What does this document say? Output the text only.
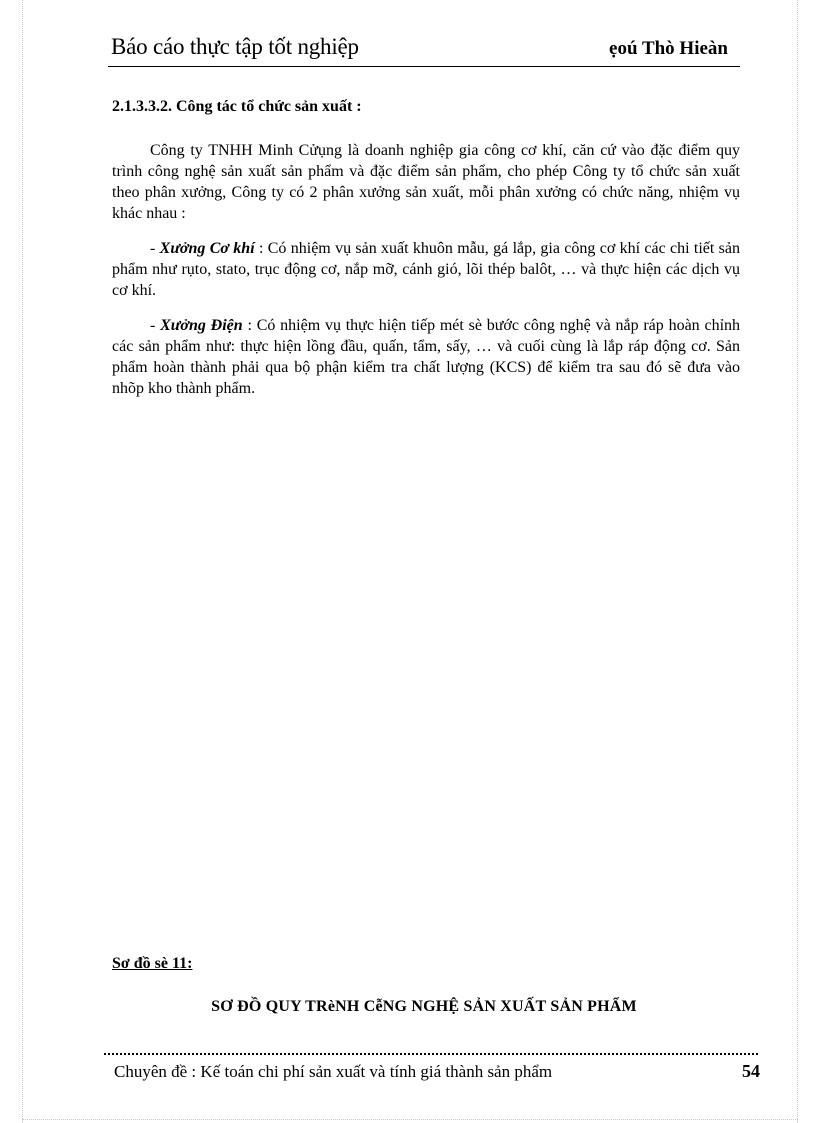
Báo cáo thực tập tốt nghiệp	ẹoú Thò Hieàn
2.1.3.3.2. Công tác tổ chức sản xuất :

Công ty TNHH Minh Cửụng là doanh nghiệp gia công cơ khí, căn cứ vào đặc điểm quy trình công nghệ sản xuất sản phẩm và đặc điểm sản phẩm, cho phép Công ty tổ chức sản xuất theo phân xưởng, Công ty có 2 phân xưởng sản xuất, mỗi phân xưởng có chức năng, nhiệm vụ khác nhau :

- Xưởng Cơ khí : Có nhiệm vụ sản xuất khuôn mẫu, gá lắp, gia công cơ khí các chi tiết sản phẩm như rụto, stato, trục động cơ, nắp mỡ, cánh gió, lõi thép balôt, … và thực hiện các dịch vụ cơ khí.

- Xưởng Điện : Có nhiệm vụ thực hiện tiếp mét sè bước công nghệ và nắp ráp hoàn chỉnh các sản phẩm như: thực hiện lồng đầu, quấn, tẩm, sấy, … và cuối cùng là lắp ráp động cơ. Sản phẩm hoàn thành phải qua bộ phận kiểm tra chất lượng (KCS) để kiểm tra sau đó sẽ đưa vào nhõp kho thành phẩm.

Sơ đồ sè 11:
SƠ ĐỒ QUY TRèNH CễNG NGHỆ SẢN XUẤT SẢN PHẨM
Chuyên đề : Kế toán chi phí sản xuất và tính giá thành sản phẩm	54
